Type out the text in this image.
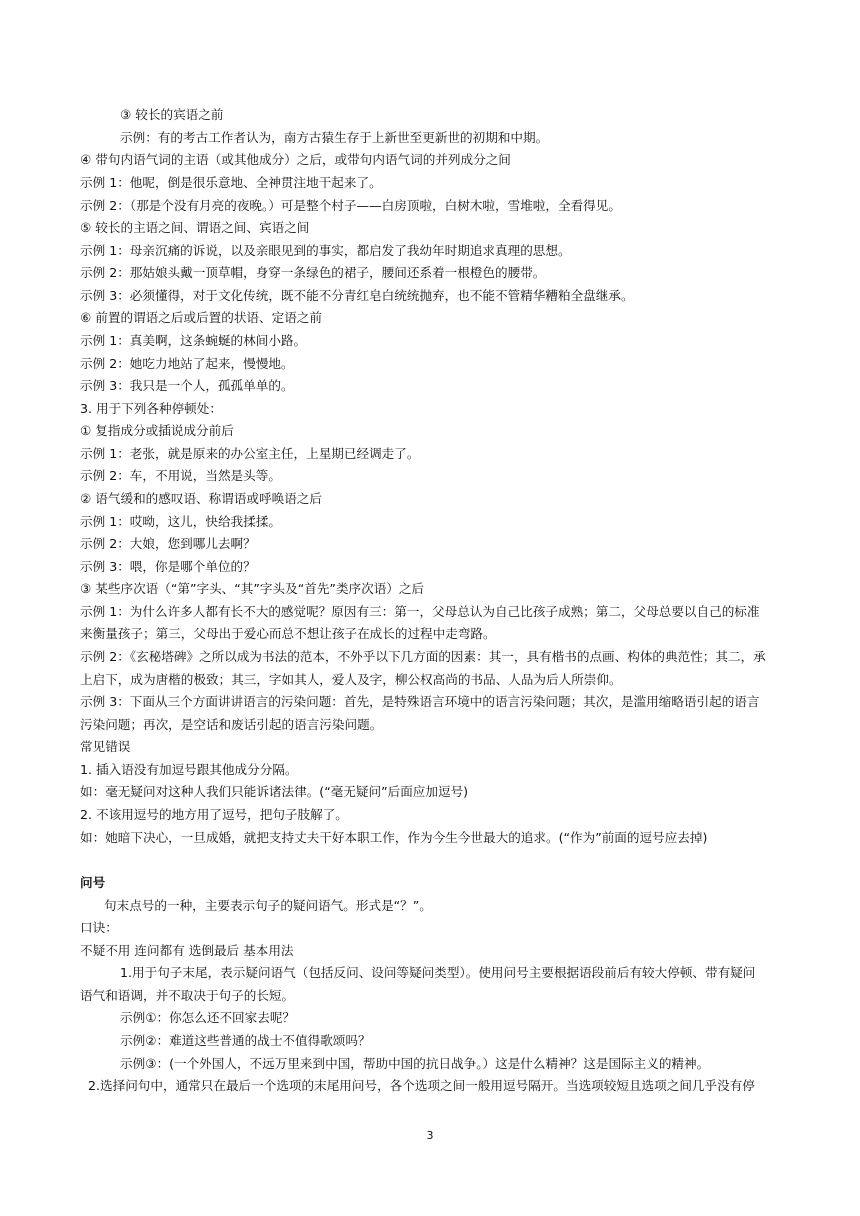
③ 较长的宾语之前
示例：有的考古工作者认为，南方古猿生存于上新世至更新世的初期和中期。
④ 带句内语气词的主语（或其他成分）之后，或带句内语气词的并列成分之间
示例 1：他呢，倒是很乐意地、全神贯注地干起来了。
示例 2：（那是个没有月亮的夜晚。）可是整个村子——白房顶啦，白树木啦，雪堆啦，全看得见。
⑤ 较长的主语之间、谓语之间、宾语之间
示例 1：母亲沉痛的诉说，以及亲眼见到的事实，都启发了我幼年时期追求真理的思想。
示例 2：那姑娘头戴一顶草帽，身穿一条绿色的裙子，腰间还系着一根橙色的腰带。
示例 3：必须懂得，对于文化传统，既不能不分青红皂白统统抛弃，也不能不管精华糟粕全盘继承。
⑥ 前置的谓语之后或后置的状语、定语之前
示例 1：真美啊，这条蜿蜒的林间小路。
示例 2：她吃力地站了起来，慢慢地。
示例 3：我只是一个人，孤孤单单的。
3. 用于下列各种停顿处：
① 复指成分或插说成分前后
示例 1：老张，就是原来的办公室主任，上星期已经调走了。
示例 2：车，不用说，当然是头等。
② 语气缓和的感叹语、称谓语或呼唤语之后
示例 1：哎呦，这儿，快给我揉揉。
示例 2：大娘，您到哪儿去啊？
示例 3：喂，你是哪个单位的？
③ 某些序次语（“第”字头、“其”字头及“首先”类序次语）之后
示例 1：为什么许多人都有长不大的感觉呢？原因有三：第一，父母总认为自己比孩子成熟；第二，父母总要以自己的标准
来衡量孩子；第三，父母出于爱心而总不想让孩子在成长的过程中走弯路。
示例 2：《玄秘塔碑》之所以成为书法的范本，不外乎以下几方面的因素：其一，具有楷书的点画、构体的典范性；其二，承
上启下，成为唐楷的极致；其三，字如其人，爱人及字，柳公权高尚的书品、人品为后人所崇仰。
示例 3：下面从三个方面讲讲语言的污染问题：首先，是特殊语言环境中的语言污染问题；其次，是滥用缩略语引起的语言
污染问题；再次，是空话和废话引起的语言污染问题。
常见错误
1. 插入语没有加逗号跟其他成分分隔。
如：毫无疑问对这种人我们只能诉诸法律。(“毫无疑问”后面应加逗号)
2. 不该用逗号的地方用了逗号，把句子肢解了。
如：她暗下决心，一旦成婚，就把支持丈夫干好本职工作，作为今生今世最大的追求。(“作为”前面的逗号应去掉)
问号
句末点号的一种，主要表示句子的疑问语气。形式是“？”。
口诀：
不疑不用 连问都有 选倒最后 基本用法
1.用于句子末尾，表示疑问语气（包括反问、设问等疑问类型）。使用问号主要根据语段前后有较大停顿、带有疑问
语气和语调，并不取决于句子的长短。
示例①：你怎么还不回家去呢？
示例②：难道这些普通的战士不值得歌颂吗？
示例③：(一个外国人，不远万里来到中国，帮助中国的抗日战争。）这是什么精神？这是国际主义的精神。
2.选择问句中，通常只在最后一个选项的末尾用问号，各个选项之间一般用逗号隔开。当选项较短且选项之间几乎没有停
3
